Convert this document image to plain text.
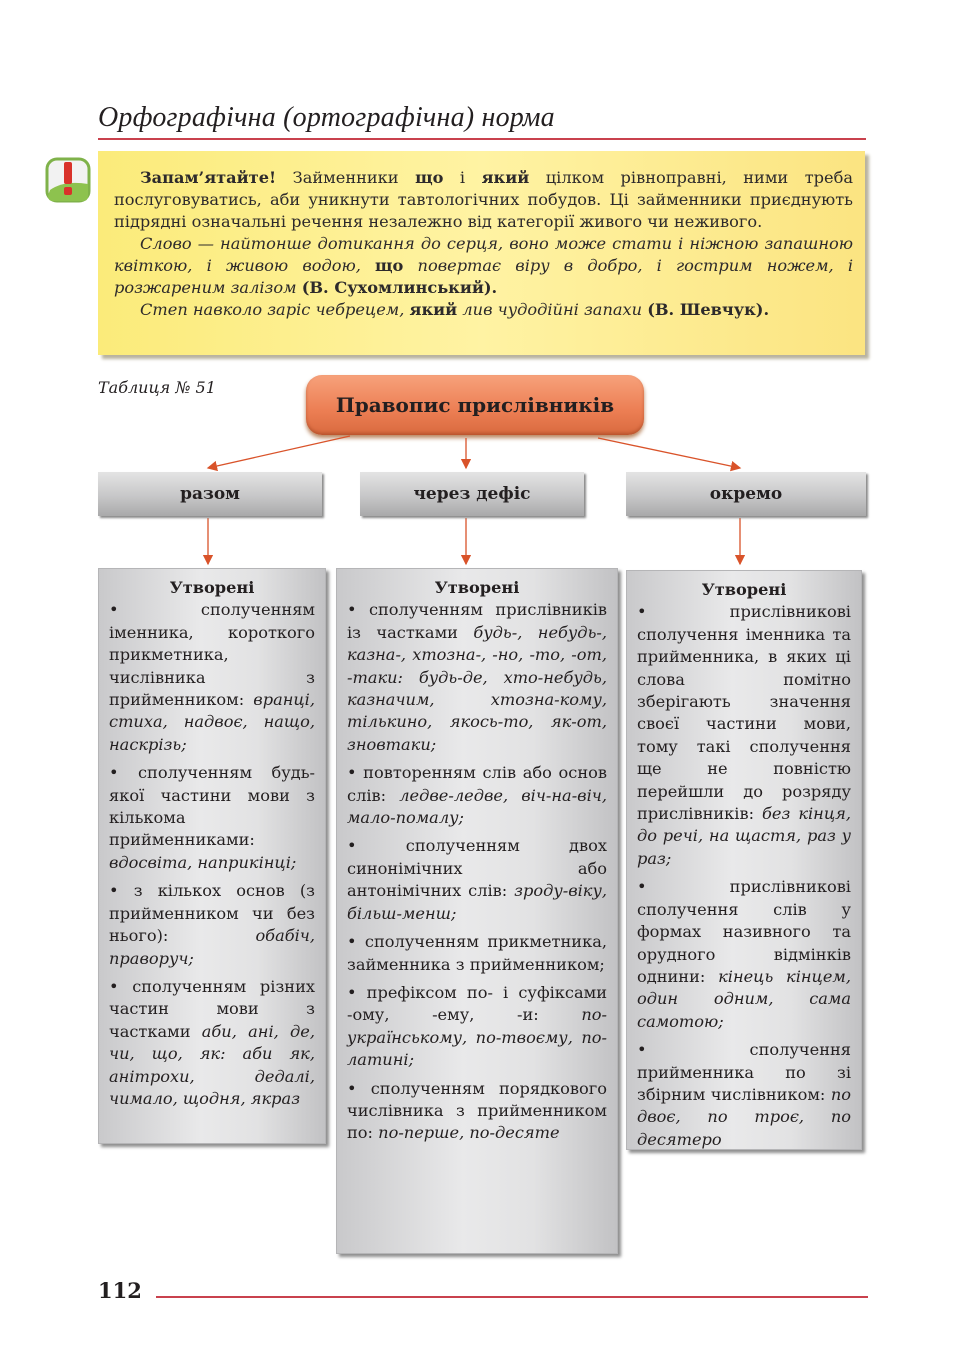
Орфографічна (ортографічна) норма

Запам’ятайте! Займенники що і який цілком рівноправні, ними треба послуговуватись, аби уникнути тавтологічних побудов. Ці займенники приєднують підрядні означальні речення незалежно від категорії живого чи неживого.

Слово — найтонше дотикання до серця, воно може стати і ніжною запашною квіткою, і живою водою, що повертає віру в добро, і гострим ножем, і розжареним залізом (В. Сухомлинський).

Степ навколо заріс чебрецем, який лив чудодійні запахи (В. Шевчук).

Таблиця № 51
Правопис прислівників
разом	через дефіс	окремо
Утворені
• сполученням іменника, короткого прикметника, числівника з прийменником: вранці, стиха, надвоє, нащо, наскрізь;
• сполученням будь-якої частини мови з кількома прийменниками: вдосвіта, наприкінці;
• з кількох основ (з прийменником чи без нього):	обабіч, праворуч;
• сполученням різних частин мови з частками аби, ані, де, чи, що, як: аби як, анітрохи, дедалі, чимало, щодня, якраз
Утворені
• сполученням прислівників із частками будь-, небудь-, казна-, хтозна-, -но, -то, -от, -таки: будь-де, хто-небудь, казначим, хтозна-кому, тількино, якось-то, як-от, зновтаки;
• повторенням слів або основ слів: ледве-ледве, віч-на-віч, мало-помалу;
• сполученням двох синонімічних або антонімічних слів: зроду-віку, більш-менш;
• сполученням прикметника, займенника з прийменником;
• префіксом по- і суфіксами -ому, -ему, -и:	по-українському, по-твоєму, по-латині;
• сполученням порядкового числівника з прийменником по: по-перше, по-десяте
Утворені
• прислівникові сполучення іменника та прийменника, в яких ці слова помітно зберігають значення своєї частини мови, тому такі сполучення ще не повністю перейшли до розряду прислівників: без кінця, до речі, на щастя, раз у раз;
• прислівникові сполучення слів у формах називного та орудного відмінків однини: кінець кінцем, один одним, сама самотою;
• сполучення прийменника по зі збірним числівником: по двоє, по троє, по десятеро
112
